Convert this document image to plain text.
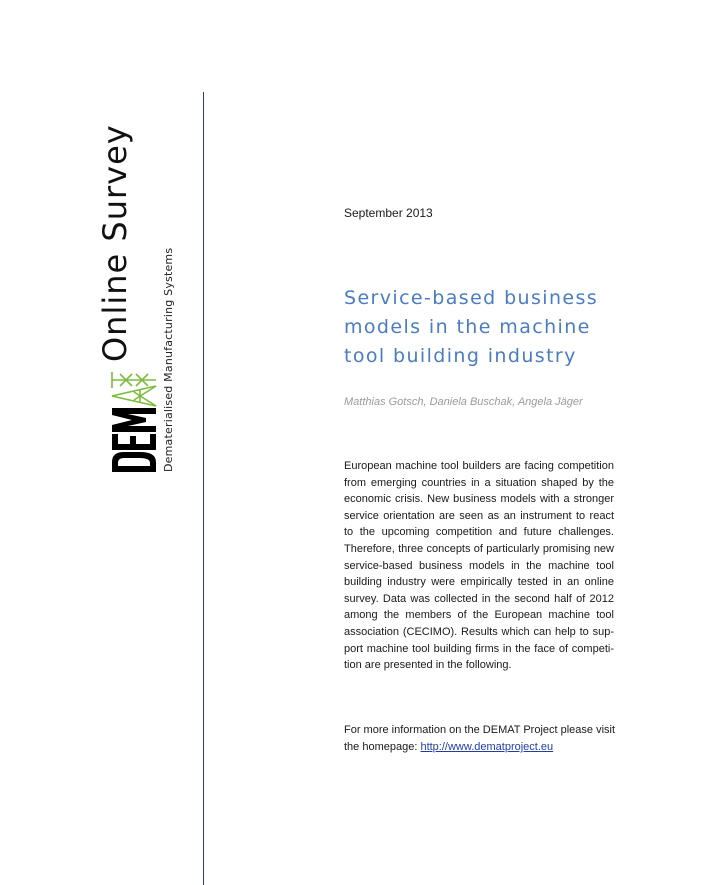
Online Survey	Dematerialised Manufacturing Systems
September 2013
Service-based business models in the machine tool building industry
Matthias Gotsch, Daniela Buschak, Angela Jäger

European machine tool builders are facing competition from emerging countries in a situation shaped by the economic crisis. New business models with a stronger service orientation are seen as an instrument to react to the upcoming competition and future challenges. Therefore, three concepts of particularly promising new service-based business models in the machine tool building industry were empirically tested in an online survey. Data was collected in the second half of 2012 among the members of the European machine tool association (CECIMO). Results which can help to support machine tool building firms in the face of competition are presented in the following.

For more information on the DEMAT Project please visit the homepage: http://www.dematproject.eu
